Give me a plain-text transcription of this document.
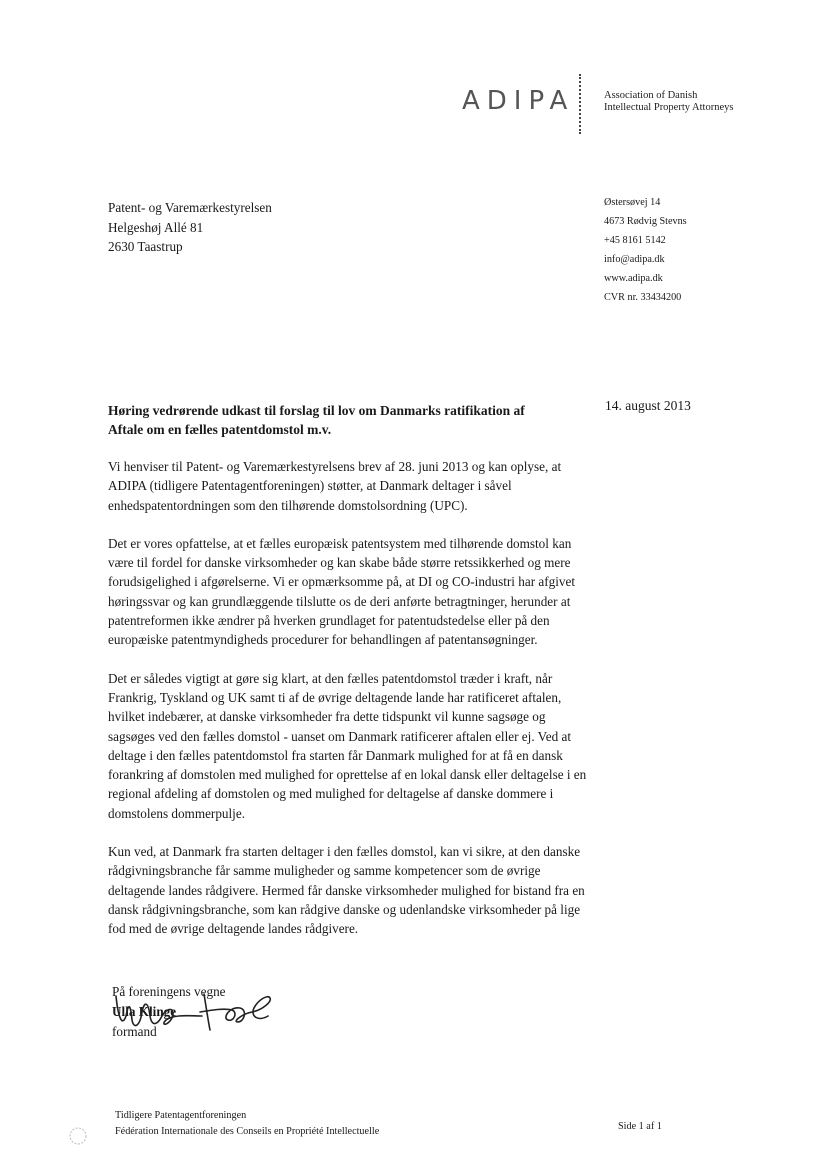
ADIPA	Association of Danish
Intellectual Property Attorneys
Patent- og Varemærkestyrelsen
Helgeshøj Allé 81
2630 Taastrup
Østersøvej 14
4673 Rødvig Stevns
+45 8161 5142
info@adipa.dk
www.adipa.dk
CVR nr. 33434200
14. august 2013
Høring vedrørende udkast til forslag til lov om Danmarks ratifikation af
Aftale om en fælles patentdomstol m.v.

Vi henviser til Patent- og Varemærkestyrelsens brev af 28. juni 2013 og kan oplyse, at ADIPA (tidligere Patentagentforeningen) støtter, at Danmark deltager i såvel enhedspatentordningen som den tilhørende domstolsordning (UPC).

Det er vores opfattelse, at et fælles europæisk patentsystem med tilhørende domstol kan være til fordel for danske virksomheder og kan skabe både større retssikkerhed og mere forudsigelighed i afgørelserne. Vi er opmærksomme på, at DI og CO-industri har afgivet høringssvar og kan grundlæggende tilslutte os de deri anførte betragtninger, herunder at patentreformen ikke ændrer på hverken grundlaget for patentudstedelse eller på den europæiske patentmyndigheds procedurer for behandlingen af patentansøgninger.

Det er således vigtigt at gøre sig klart, at den fælles patentdomstol træder i kraft, når Frankrig, Tyskland og UK samt ti af de øvrige deltagende lande har ratificeret aftalen, hvilket indebærer, at danske virksomheder fra dette tidspunkt vil kunne sagsøge og sagsøges ved den fælles domstol - uanset om Danmark ratificerer aftalen eller ej. Ved at deltage i den fælles patentdomstol fra starten får Danmark mulighed for at få en dansk forankring af domstolen med mulighed for oprettelse af en lokal dansk eller deltagelse i en regional afdeling af domstolen og med mulighed for deltagelse af danske dommere i domstolens dommerpulje.

Kun ved, at Danmark fra starten deltager i den fælles domstol, kan vi sikre, at den danske rådgivningsbranche får samme muligheder og samme kompetencer som de øvrige deltagende landes rådgivere. Hermed får danske virksomheder mulighed for bistand fra en dansk rådgivningsbranche, som kan rådgive danske og udenlandske virksomheder på lige fod med de øvrige deltagende landes rådgivere.

På foreningens vegne
Ulla Klinge
formand
Tidligere Patentagentforeningen
Fédération Internationale des Conseils en Propriété Intellectuelle	Side 1 af 1
